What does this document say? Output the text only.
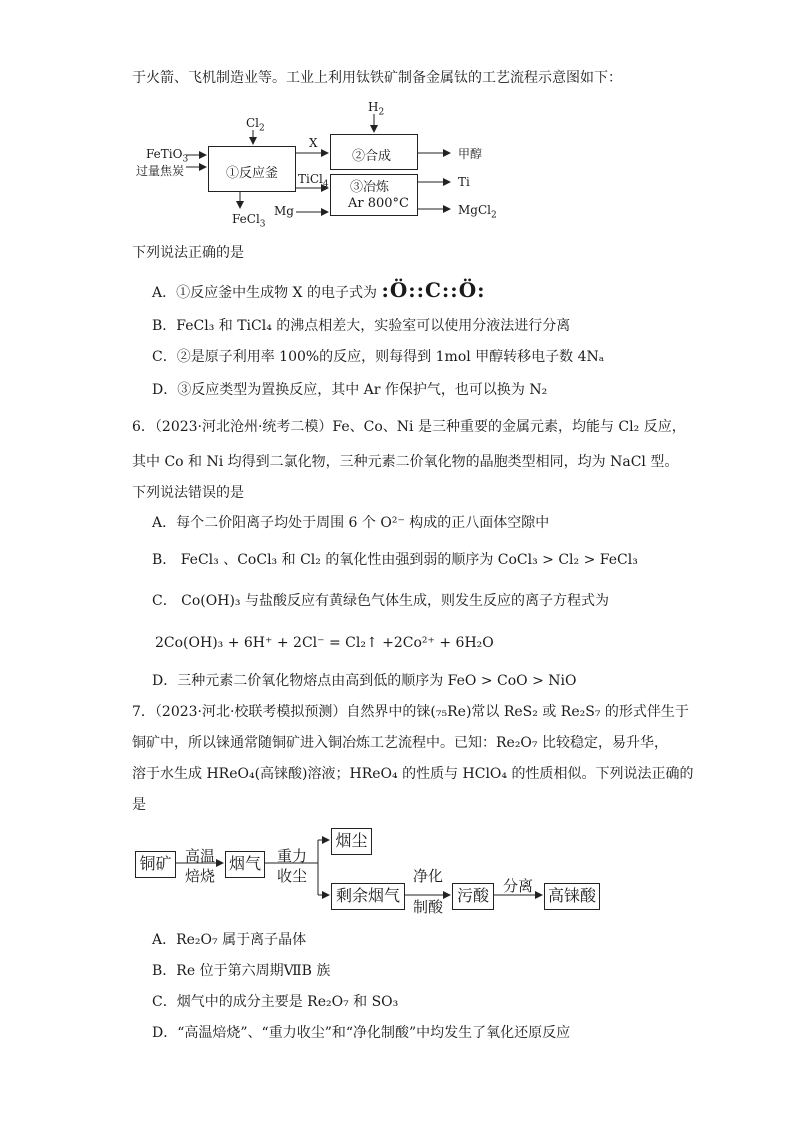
于火箭、飞机制造业等。工业上利用钛铁矿制备金属钛的工艺流程示意图如下：
FeTiO$_3$
过量焦炭
$Cl_2$
①反应釜
FeCl$_3$
X
$H_2$
②合成	甲醇
TiCl$_4$
Mg
③冶炼
Ar 800°C
Ti
MgCl$_2$
下列说法正确的是
A．①反应釜中生成物 X 的电子式为 :Ö::C::Ö:
B．FeCl₃ 和 TiCl₄ 的沸点相差大，实验室可以使用分液法进行分离
C．②是原子利用率 100%的反应，则每得到 1mol 甲醇转移电子数 4Nₐ
D．③反应类型为置换反应，其中 Ar 作保护气，也可以换为 N₂
6．（2023·河北沧州·统考二模）Fe、Co、Ni 是三种重要的金属元素，均能与 Cl₂ 反应，
其中 Co 和 Ni 均得到二氯化物，三种元素二价氧化物的晶胞类型相同，均为 NaCl 型。
下列说法错误的是
A．每个二价阳离子均处于周围 6 个 O²⁻ 构成的正八面体空隙中
B． FeCl₃ 、CoCl₃ 和 Cl₂ 的氧化性由强到弱的顺序为 CoCl₃ > Cl₂ > FeCl₃
C． Co(OH)₃ 与盐酸反应有黄绿色气体生成，则发生反应的离子方程式为
2Co(OH)₃ + 6H⁺ + 2Cl⁻ = Cl₂↑ +2Co²⁺ + 6H₂O
D．三种元素二价氧化物熔点由高到低的顺序为 FeO > CoO > NiO
7．（2023·河北·校联考模拟预测）自然界中的铼(₇₅Re)常以 ReS₂ 或 Re₂S₇ 的形式伴生于
铜矿中，所以铼通常随铜矿进入铜冶炼工艺流程中。已知：Re₂O₇ 比较稳定，易升华，
溶于水生成 HReO₄(高铼酸)溶液；HReO₄ 的性质与 HClO₄ 的性质相似。下列说法正确的
是
铜矿 高温
焙烧
烟气	重力
收尘
烟尘
剩余烟气
净化
制酸
污酸 分离 高铼酸
A．Re₂O₇ 属于离子晶体
B．Re 位于第六周期ⅦB 族
C．烟气中的成分主要是 Re₂O₇ 和 SO₃
D．“高温焙烧”、“重力收尘”和“净化制酸”中均发生了氧化还原反应
